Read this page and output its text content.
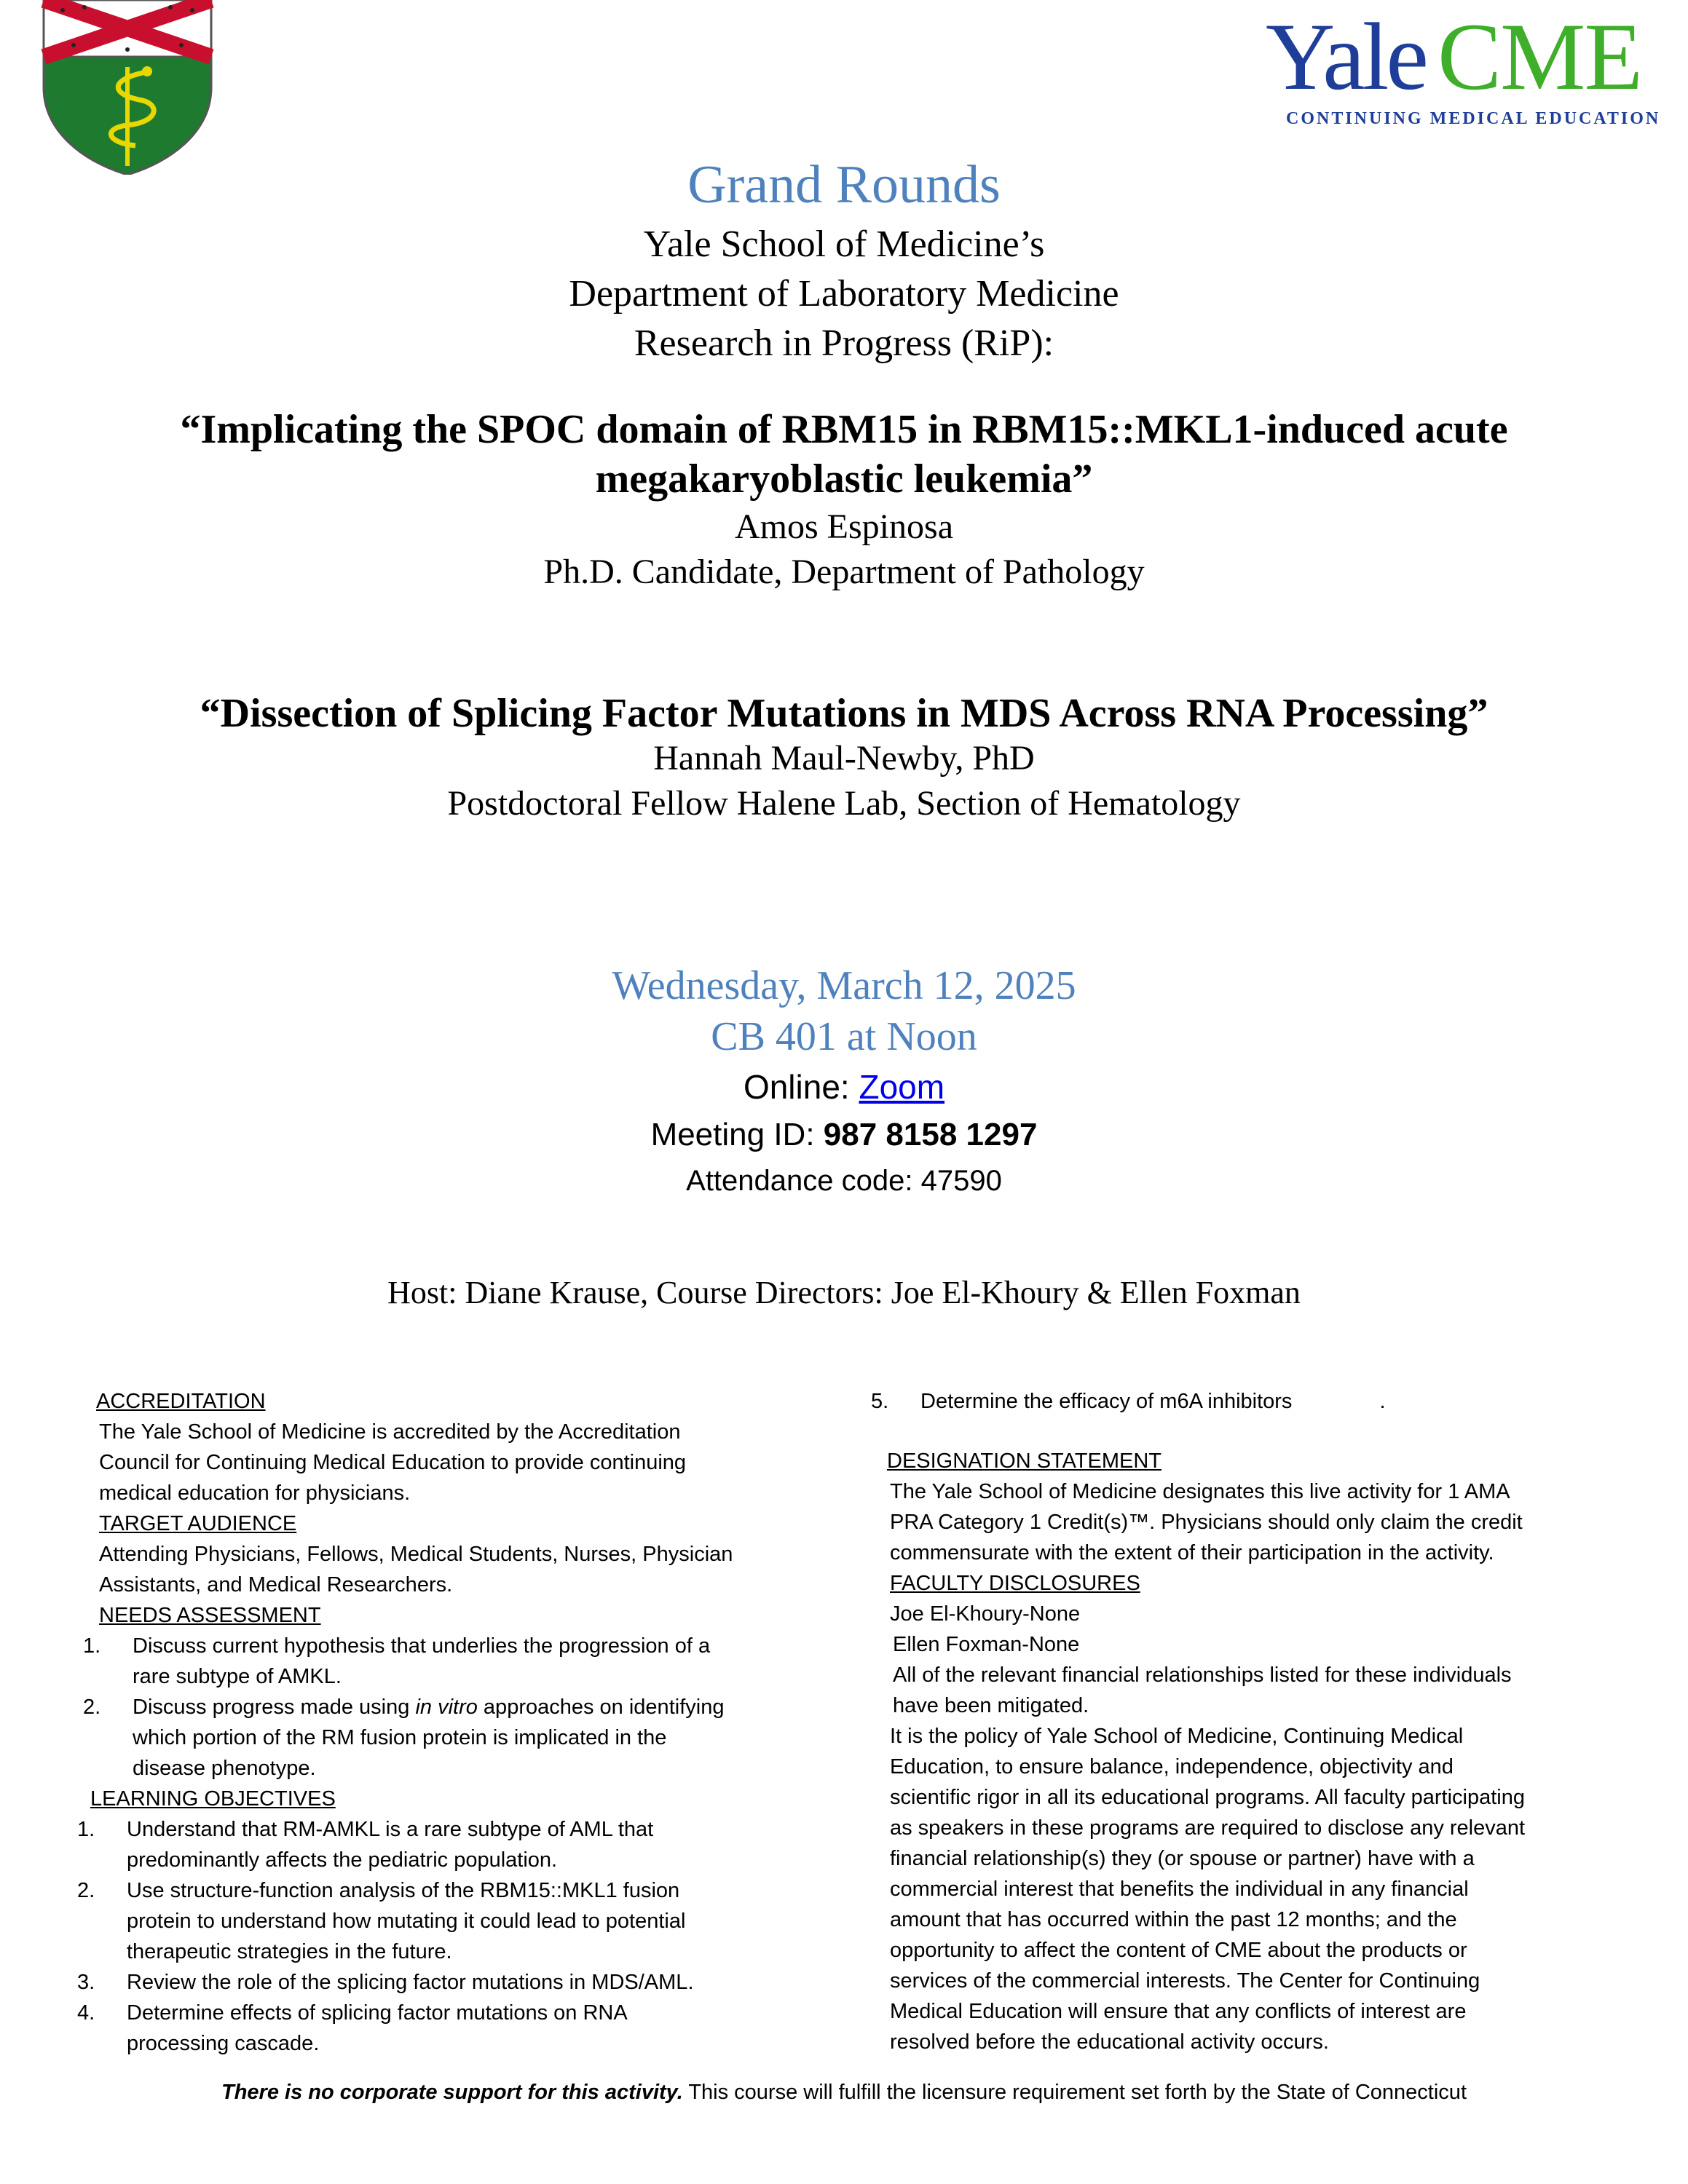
Yale CME
CONTINUING MEDICAL EDUCATION
Grand Rounds
Yale School of Medicine’s
Department of Laboratory Medicine
Research in Progress (RiP):
“Implicating the SPOC domain of RBM15 in RBM15::MKL1-induced acute
megakaryoblastic leukemia”
Amos Espinosa
Ph.D. Candidate, Department of Pathology
“Dissection of Splicing Factor Mutations in MDS Across RNA Processing”
Hannah Maul-Newby, PhD
Postdoctoral Fellow Halene Lab, Section of Hematology
Wednesday, March 12, 2025
CB 401 at Noon
Online: Zoom
Meeting ID: 987 8158 1297
Attendance code: 47590
Host: Diane Krause, Course Directors: Joe El-Khoury & Ellen Foxman
ACCREDITATION
The Yale School of Medicine is accredited by the Accreditation
Council for Continuing Medical Education to provide continuing
medical education for physicians.
TARGET AUDIENCE
Attending Physicians, Fellows, Medical Students, Nurses, Physician
Assistants, and Medical Researchers.
NEEDS ASSESSMENT
1. Discuss current hypothesis that underlies the progression of a
rare subtype of AMKL.
2. Discuss progress made using in vitro approaches on identifying
which portion of the RM fusion protein is implicated in the
disease phenotype.
LEARNING OBJECTIVES
1. Understand that RM-AMKL is a rare subtype of AML that
predominantly affects the pediatric population.
2. Use structure-function analysis of the RBM15::MKL1 fusion
protein to understand how mutating it could lead to potential
therapeutic strategies in the future.
3. Review the role of the splicing factor mutations in MDS/AML.
4. Determine effects of splicing factor mutations on RNA
processing cascade.
5. Determine the efficacy of m6A inhibitors	.
DESIGNATION STATEMENT
The Yale School of Medicine designates this live activity for 1 AMA
PRA Category 1 Credit(s)™. Physicians should only claim the credit
commensurate with the extent of their participation in the activity.
FACULTY DISCLOSURES
Joe El-Khoury-None
Ellen Foxman-None
All of the relevant financial relationships listed for these individuals
have been mitigated.
It is the policy of Yale School of Medicine, Continuing Medical
Education, to ensure balance, independence, objectivity and
scientific rigor in all its educational programs. All faculty participating
as speakers in these programs are required to disclose any relevant
financial relationship(s) they (or spouse or partner) have with a
commercial interest that benefits the individual in any financial
amount that has occurred within the past 12 months; and the
opportunity to affect the content of CME about the products or
services of the commercial interests. The Center for Continuing
Medical Education will ensure that any conflicts of interest are
resolved before the educational activity occurs.
There is no corporate support for this activity. This course will fulfill the licensure requirement set forth by the State of Connecticut
